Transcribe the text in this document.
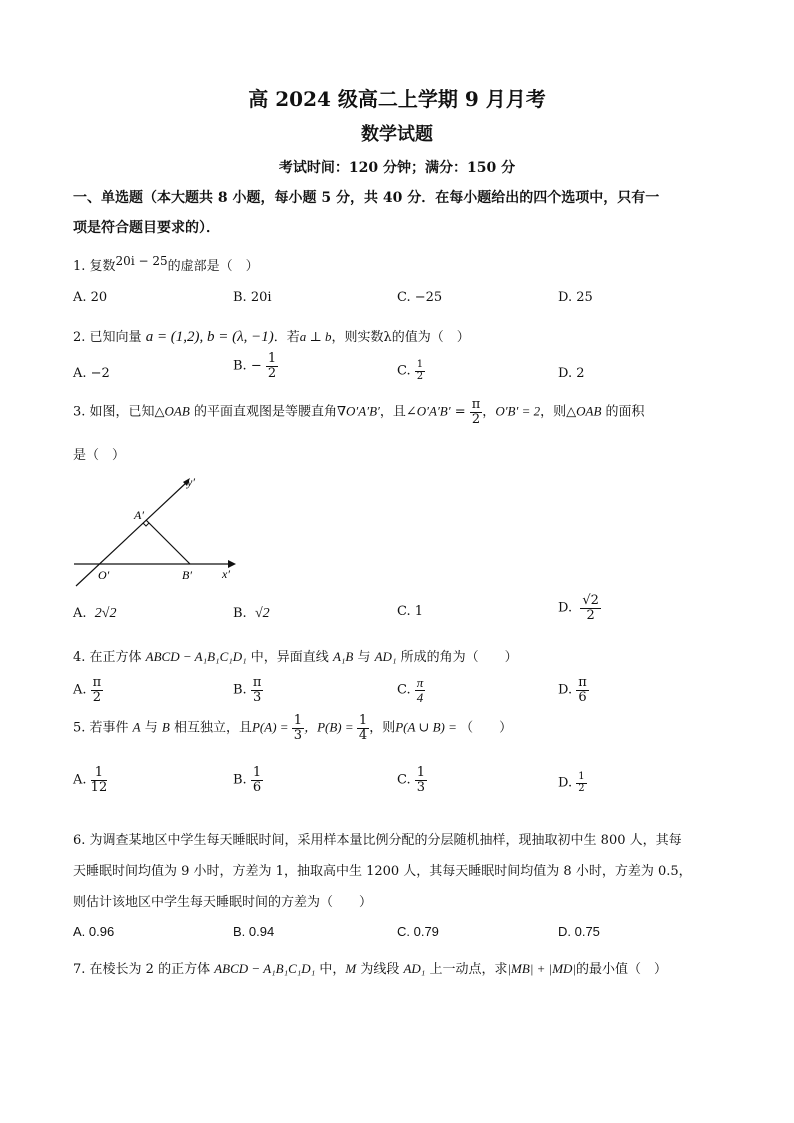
高 2024 级高二上学期 9 月月考
数学试题
考试时间：120 分钟；满分：150 分
一、单选题（本大题共 8 小题，每小题 5 分，共 40 分．在每小题给出的四个选项中，只有一
项是符合题目要求的）．
1. 复数20i − 25的虚部是（　）
A. 20	B. 20i	C. −25	D. 25
2. 已知向量 a = (1,2), b = (λ, −1)．若a ⊥ b，则实数λ的值为（　）
A. −2	B. − $\frac{1}{2}$	C. $\frac{1}{2}$	D. 2
3. 如图，已知△OAB 的平面直观图是等腰直角∇O′A′B′，且∠O′A′B′ = $\frac{\pi}{2}$ ，O′B′ = 2，则△OAB 的面积
是（　）
y′
A′
O′	B′	x′
A. 2√2	B. √2	C. 1	D. $\frac{√2}{2}$
4. 在正方体 ABCD − A₁B₁C₁D₁ 中，异面直线 A₁B 与 AD₁ 所成的角为（　　）
A. $\frac{\pi}{2}$	B. $\frac{\pi}{3}$	C. $\frac{\pi}{4}$	D. $\frac{\pi}{6}$
5. 若事件 A 与 B 相互独立，且$P(A) = \frac{1}{3}$ ，$P(B) = \frac{1}{4}$ ，则P(A ∪ B) = （　　）
A. $\frac{1}{12}$	B. $\frac{1}{6}$	C. $\frac{1}{3}$	D. $\frac{1}{2}$
6. 为调查某地区中学生每天睡眠时间，采用样本量比例分配的分层随机抽样，现抽取初中生 800 人，其每
天睡眠时间均值为 9 小时，方差为 1，抽取高中生 1200 人，其每天睡眠时间均值为 8 小时，方差为 0.5，
则估计该地区中学生每天睡眠时间的方差为（　　）
A. 0.96	B. 0.94	C. 0.79	D. 0.75
7. 在棱长为 2 的正方体 ABCD − A₁B₁C₁D₁ 中，M 为线段 AD₁ 上一动点，求|MB| + |MD|的最小值（　）
